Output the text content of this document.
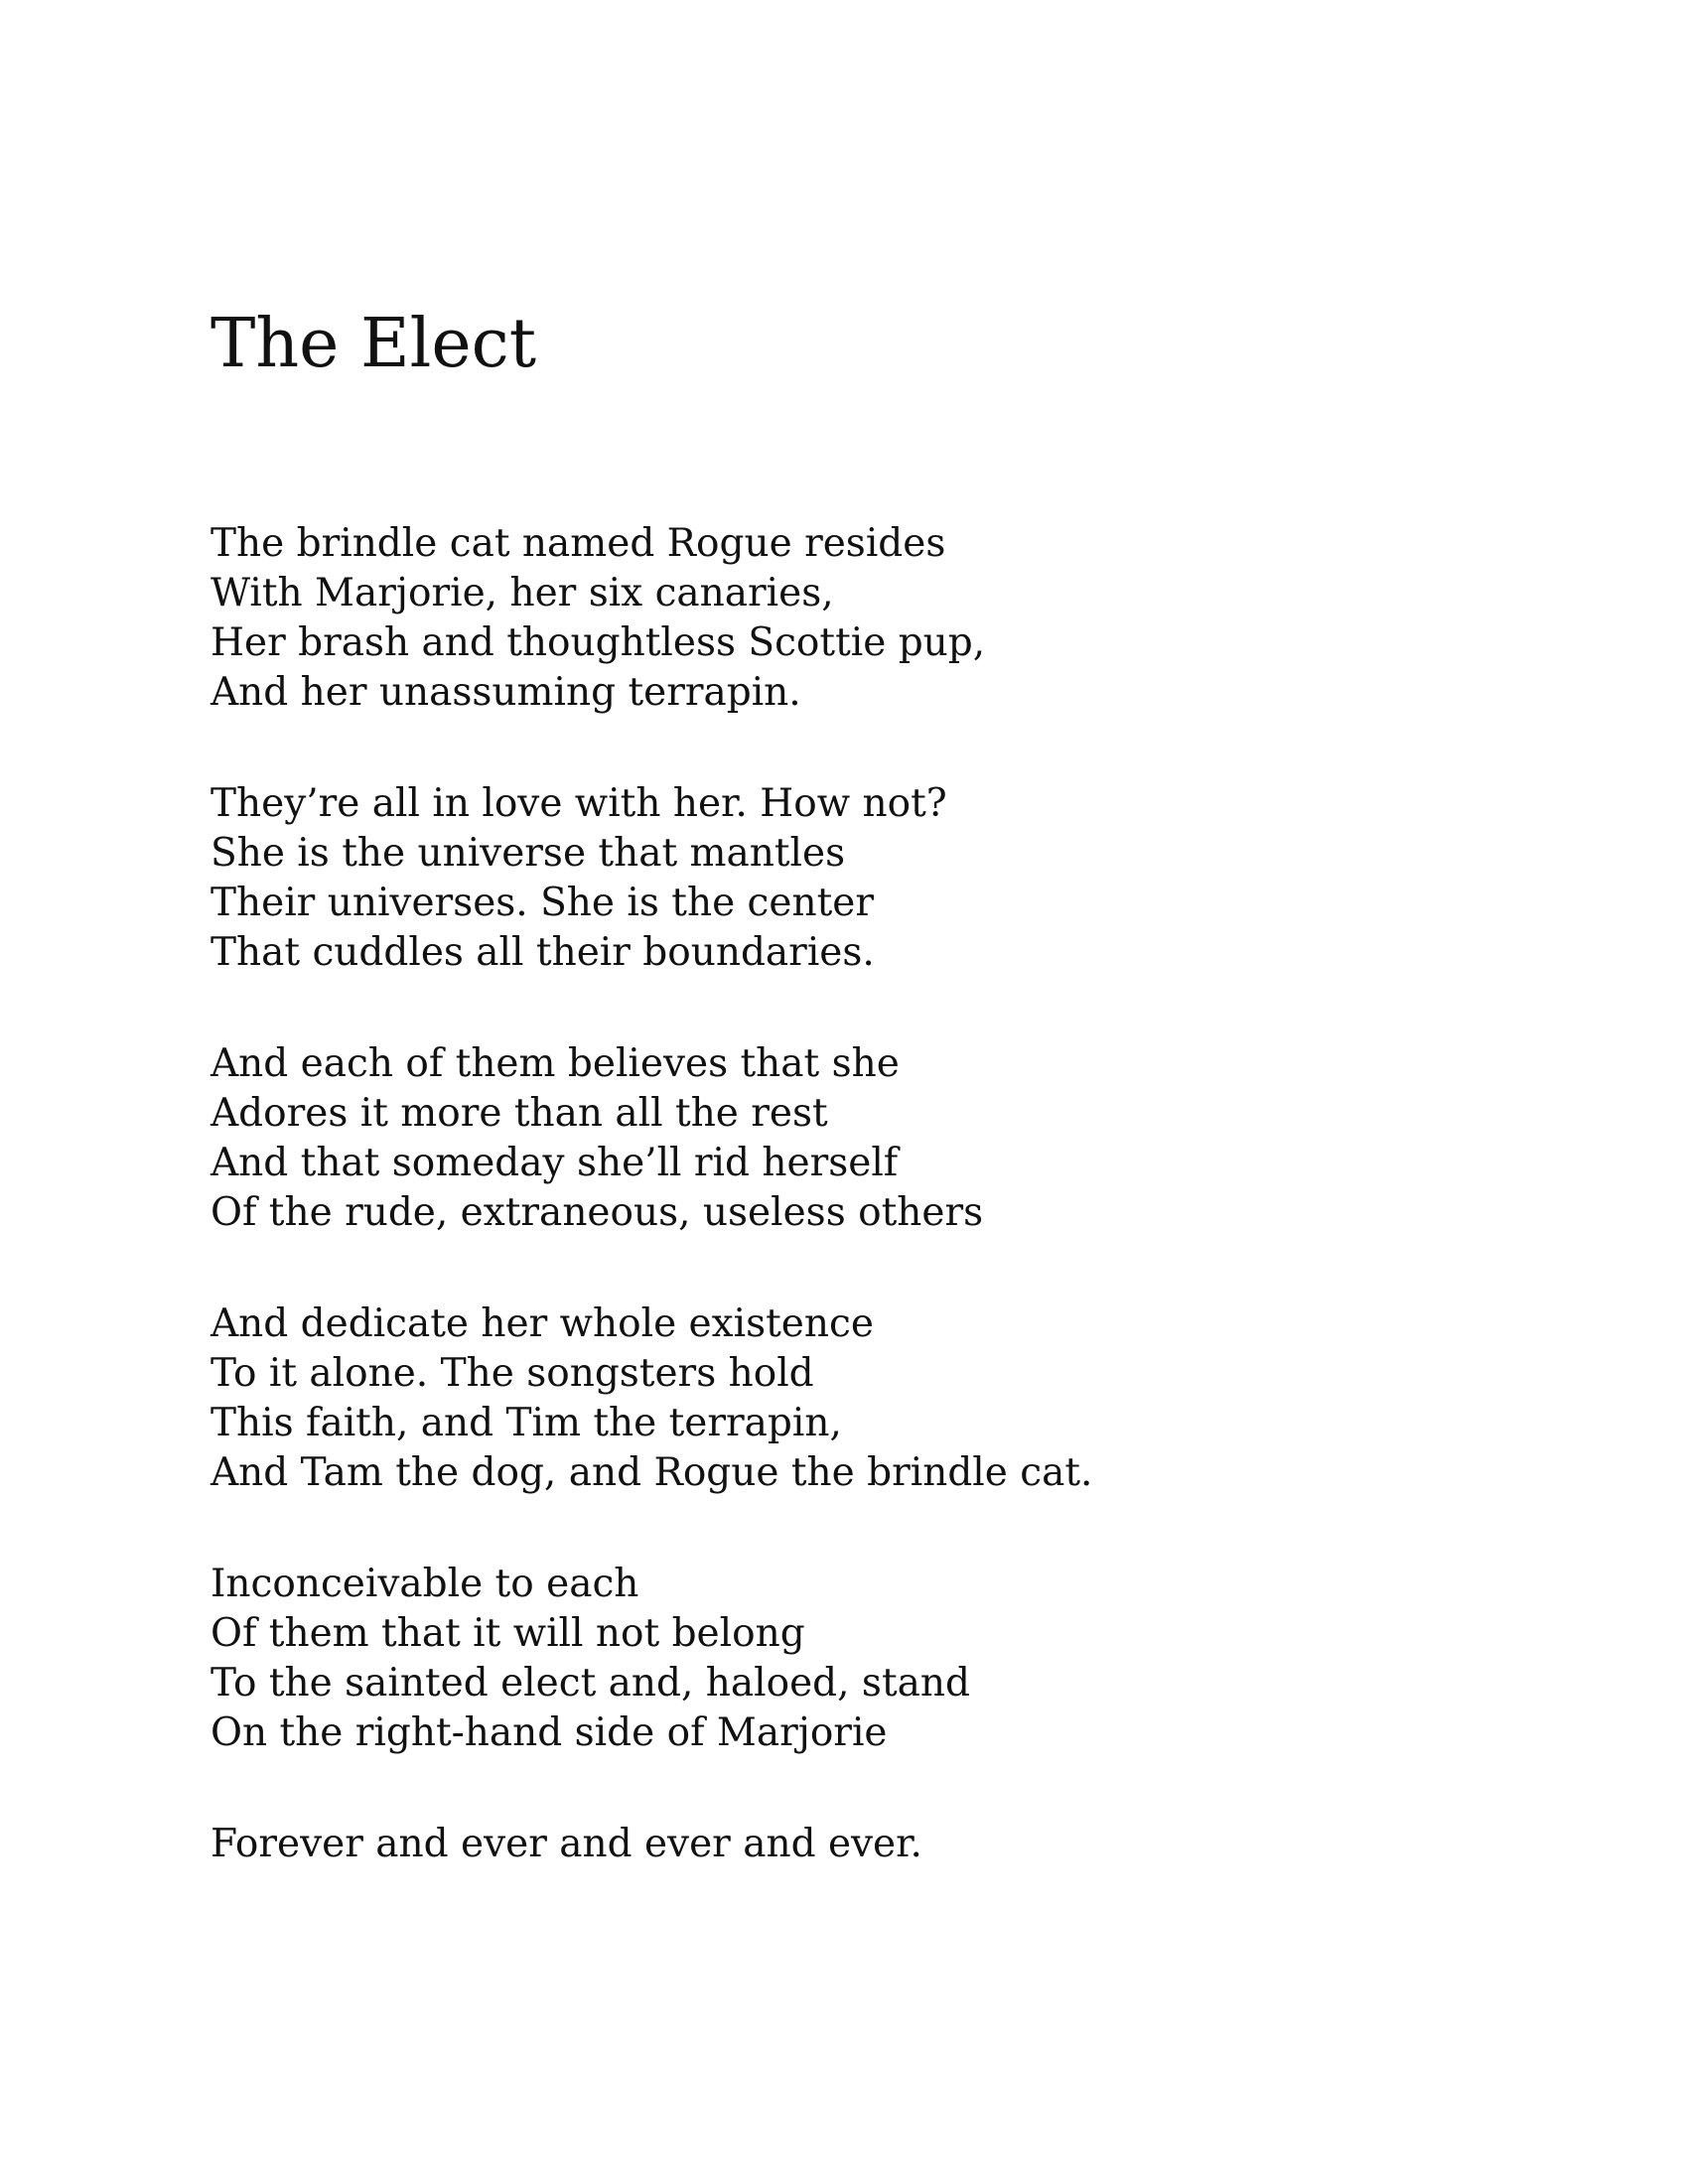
The Elect
The brindle cat named Rogue resides
With Marjorie, her six canaries,
Her brash and thoughtless Scottie pup,
And her unassuming terrapin.
They’re all in love with her. How not?
She is the universe that mantles
Their universes. She is the center
That cuddles all their boundaries.
And each of them believes that she
Adores it more than all the rest
And that someday she’ll rid herself
Of the rude, extraneous, useless others
And dedicate her whole existence
To it alone. The songsters hold
This faith, and Tim the terrapin,
And Tam the dog, and Rogue the brindle cat.
Inconceivable to each
Of them that it will not belong
To the sainted elect and, haloed, stand
On the right-hand side of Marjorie
Forever and ever and ever and ever.
